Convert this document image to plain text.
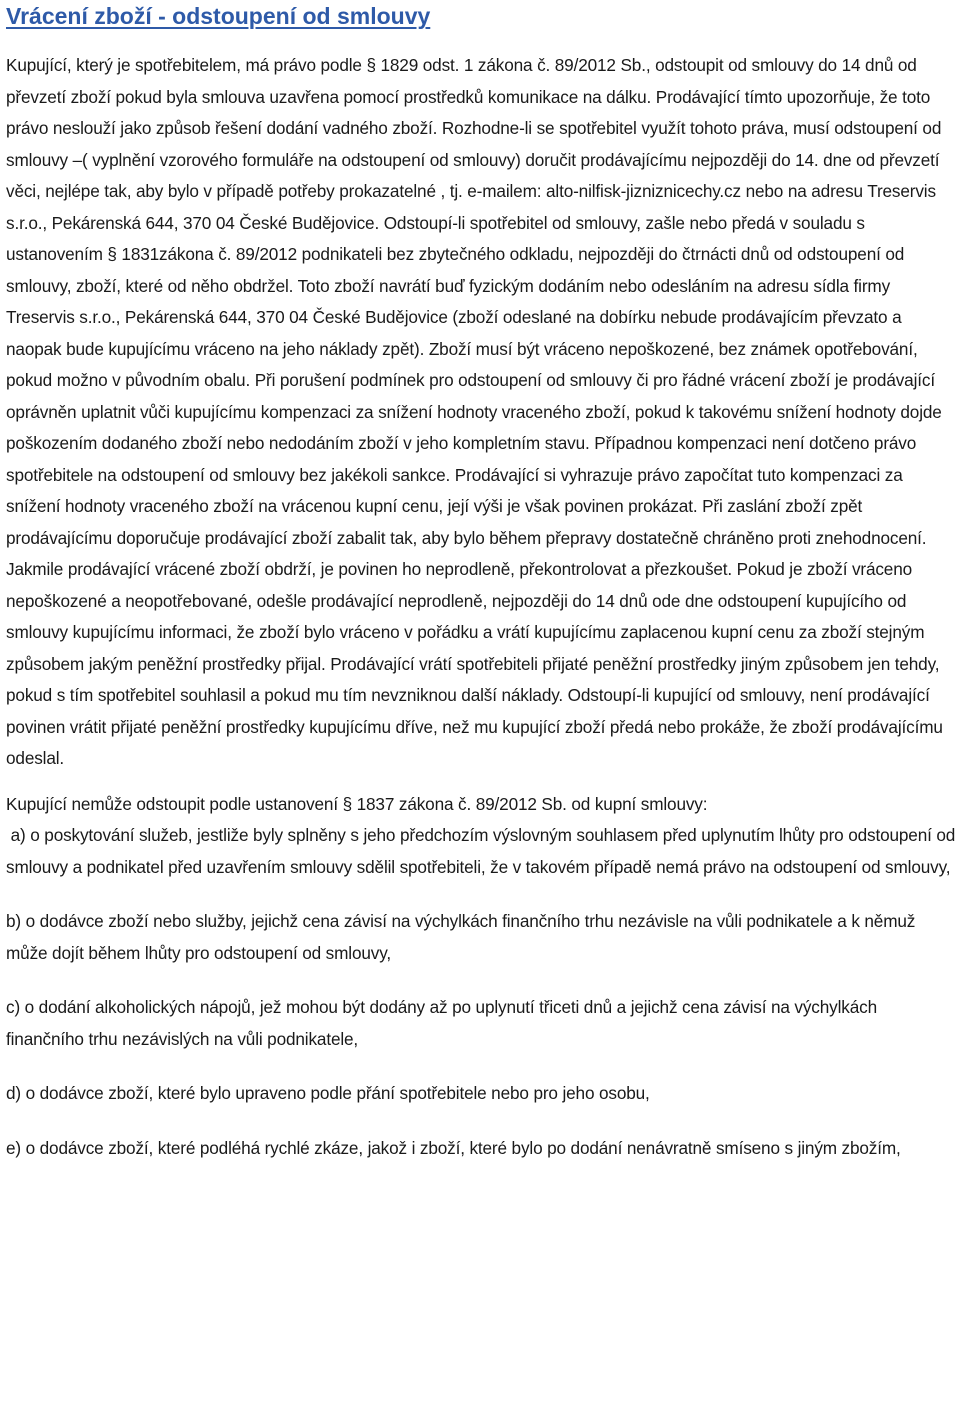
Vrácení zboží - odstoupení od smlouvy

Kupující, který je spotřebitelem, má právo podle § 1829 odst. 1 zákona č. 89/2012 Sb., odstoupit od smlouvy do 14 dnů od převzetí zboží pokud byla smlouva uzavřena pomocí prostředků komunikace na dálku. Prodávající tímto upozorňuje, že toto právo neslouží jako způsob řešení dodání vadného zboží. Rozhodne-li se spotřebitel využít tohoto práva, musí odstoupení od smlouvy –( vyplnění vzorového formuláře na odstoupení od smlouvy) doručit prodávajícímu nejpozději do 14. dne od převzetí věci, nejlépe tak, aby bylo v případě potřeby prokazatelné , tj. e-mailem: alto-nilfisk-jizniznicechy.cz nebo na adresu Treservis s.r.o., Pekárenská 644, 370 04 České Budějovice. Odstoupí-li spotřebitel od smlouvy, zašle nebo předá v souladu s ustanovením § 1831zákona č. 89/2012 podnikateli bez zbytečného odkladu, nejpozději do čtrnácti dnů od odstoupení od smlouvy, zboží, které od něho obdržel. Toto zboží navrátí buď fyzickým dodáním nebo odesláním na adresu sídla firmy Treservis s.r.o., Pekárenská 644, 370 04 České Budějovice (zboží odeslané na dobírku nebude prodávajícím převzato a naopak bude kupujícímu vráceno na jeho náklady zpět). Zboží musí být vráceno nepoškozené, bez známek opotřebování, pokud možno v původním obalu. Při porušení podmínek pro odstoupení od smlouvy či pro řádné vrácení zboží je prodávající oprávněn uplatnit vůči kupujícímu kompenzaci za snížení hodnoty vraceného zboží, pokud k takovému snížení hodnoty dojde poškozením dodaného zboží nebo nedodáním zboží v jeho kompletním stavu. Případnou kompenzaci není dotčeno právo spotřebitele na odstoupení od smlouvy bez jakékoli sankce. Prodávající si vyhrazuje právo započítat tuto kompenzaci za snížení hodnoty vraceného zboží na vrácenou kupní cenu, její výši je však povinen prokázat. Při zaslání zboží zpět prodávajícímu doporučuje prodávající zboží zabalit tak, aby bylo během přepravy dostatečně chráněno proti znehodnocení. Jakmile prodávající vrácené zboží obdrží, je povinen ho neprodleně, překontrolovat a přezkoušet. Pokud je zboží vráceno nepoškozené a neopotřebované, odešle prodávající neprodleně, nejpozději do 14 dnů ode dne odstoupení kupujícího od smlouvy kupujícímu informaci, že zboží bylo vráceno v pořádku a vrátí kupujícímu zaplacenou kupní cenu za zboží stejným způsobem jakým peněžní prostředky přijal. Prodávající vrátí spotřebiteli přijaté peněžní prostředky jiným způsobem jen tehdy, pokud s tím spotřebitel souhlasil a pokud mu tím nevzniknou další náklady. Odstoupí-li kupující od smlouvy, není prodávající povinen vrátit přijaté peněžní prostředky kupujícímu dříve, než mu kupující zboží předá nebo prokáže, že zboží prodávajícímu odeslal.

Kupující nemůže odstoupit podle ustanovení § 1837 zákona č. 89/2012 Sb. od kupní smlouvy:

a) o poskytování služeb, jestliže byly splněny s jeho předchozím výslovným souhlasem před uplynutím lhůty pro odstoupení od smlouvy a podnikatel před uzavřením smlouvy sdělil spotřebiteli, že v takovém případě nemá právo na odstoupení od smlouvy,

b) o dodávce zboží nebo služby, jejichž cena závisí na výchylkách finančního trhu nezávisle na vůli podnikatele a k němuž může dojít během lhůty pro odstoupení od smlouvy,

c) o dodání alkoholických nápojů, jež mohou být dodány až po uplynutí třiceti dnů a jejichž cena závisí na výchylkách finančního trhu nezávislých na vůli podnikatele,

d) o dodávce zboží, které bylo upraveno podle přání spotřebitele nebo pro jeho osobu,

e) o dodávce zboží, které podléhá rychlé zkáze, jakož i zboží, které bylo po dodání nenávratně smíseno s jiným zbožím,
